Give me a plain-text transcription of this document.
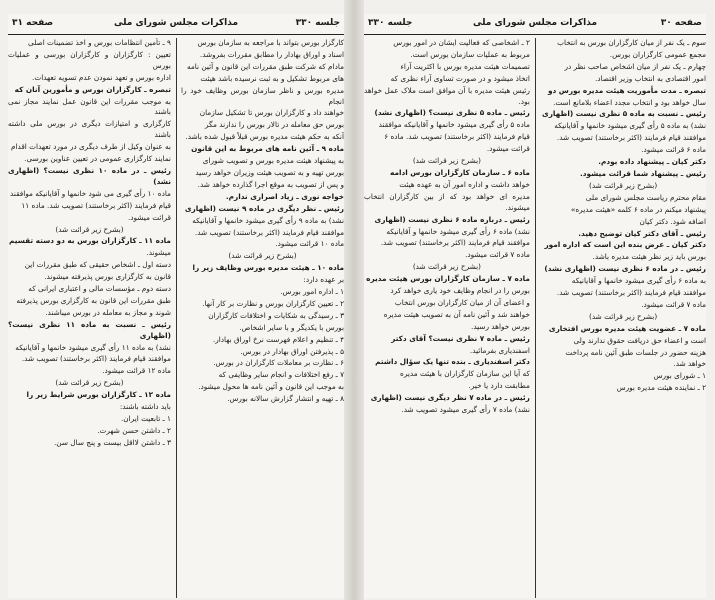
جلسه ۳۳۰
مذاکرات مجلس شورای ملی
صفحه ۳۱

کارگزار بورس بتواند با مراجعه به سازمان بورس

اسناد و اوراق بهادار را مطابق مقررات بفروشد.

مادام که شرکت طبق مقررات این قانون و آئین نامه

های مربوط تشکیل و به ثبت نرسیده باشد هیئت

مدیره بورس و ناظر سازمان بورس وظایف خود را انجام

خواهند داد و کارگزاران بورس تا تشکیل سازمان

بورس حق معامله در تالار بورس را ندارند مگر

آنکه به حکم هیئت مدیره بورس قبلاً قبول شده باشد.

ماده ۹ ـ آئین نامه های مربوط به این قانون

به پیشنهاد هیئت مدیره بورس و تصویب شورای

بورس تهیه و به تصویب هیئت وزیران خواهد رسید

و پس از تصویب به موقع اجرا گذارده خواهد شد.

خواجه نوری ـ زیاد اصراری ندارم.

رئیس ـ نظر دیگری در ماده ۹ نیست (اظهاری

نشد) به ماده ۹ رأی گیری میشود خانمها و آقایانیکه

موافقند قیام فرمایند (اکثر برخاستند) تصویب شد.

ماده ۱۰ قرائت میشود.

(بشرح زیر قرائت شد)

ماده ۱۰ ـ هیئت مدیره بورس وظایف زیر را

بر عهده دارد:

۱ ـ اداره امور بورس.

۲ ـ تعیین کارگزاران بورس و نظارت بر کار آنها.

۳ ـ رسیدگی به شکایات و اختلافات کارگزاران

بورس با یکدیگر و با سایر اشخاص.

۴ ـ تنظیم و اعلام فهرست نرخ اوراق بهادار.

۵ ـ پذیرفتن اوراق بهادار در بورس.

۶ ـ نظارت بر معاملات کارگزاران در بورس.

۷ ـ رفع اختلافات و انجام سایر وظایفی که

به موجب این قانون و آئین نامه ها محول میشود.

۸ ـ تهیه و انتشار گزارش سالانه بورس.

۹ ـ تأمین انتظامات بورس و اخذ تضمینات اصلی

تعیین : کارگزاران و کارگزاران بورسی و عملیات بورس

اداره بورس و تعهد نمودن عدم تسویه تعهدات.

تبصره ـ کارگزاران بورس و مأمورین آنان که

به موجب مقررات این قانون عمل نمایند مجاز نمی باشند

کارگزاری و امتیازات دیگری در بورس ملی داشته باشند

به عنوان وکیل از طرف دیگری در مورد تعهدات اقدام

نمایند کارگزاری عمومی در تعیین عناوین بورسی.

رئیس ـ در ماده ۱۰ نظری نیست؟ (اظهاری نشد)

ماده ۱۰ رأی گیری می شود خانمها و آقایانیکه موافقند

قیام فرمایند (اکثر برخاستند) تصویب شد. ماده ۱۱

قرائت میشود.

(بشرح زیر قرائت شد)

ماده ۱۱ ـ کارگزاران بورس به دو دسته تقسیم

میشوند.

دسته اول ـ اشخاص حقیقی که طبق مقررات این

قانون به کارگزاری بورس پذیرفته میشوند.

دسته دوم ـ مؤسسات مالی و اعتباری ایرانی که

طبق مقررات این قانون به کارگزاری بورس پذیرفته

شوند و مجاز به معامله در بورس میباشند.

رئیس ـ نسبت به ماده ۱۱ نظری نیست؟ (اظهاری

نشد) به ماده ۱۱ رأی گیری میشود خانمها و آقایانیکه

موافقند قیام فرمایند (اکثر برخاستند) تصویب شد.

ماده ۱۲ قرائت میشود.

(بشرح زیر قرائت شد)

ماده ۱۲ ـ کارگزاران بورس شرایط زیر را

باید داشته باشند:

۱ ـ تابعیت ایران.

۲ ـ داشتن حسن شهرت.

۳ ـ داشتن لااقل بیست و پنج سال سن.

صفحه ۳۰
مذاکرات مجلس شورای ملی
جلسه ۳۳۰

سوم ـ یک نفر از میان کارگزاران بورس به انتخاب

مجمع عمومی کارگزاران بورس.

چهارم ـ یک نفر از میان اشخاص صاحب نظر در

امور اقتصادی به انتخاب وزیر اقتصاد.

تبصره ـ مدت مأموریت هیئت مدیره بورس دو

سال خواهد بود و انتخاب مجدد اعضاء بلامانع است.

رئیس ـ نسبت به ماده ۵ نظری نیست (اظهاری

نشد) به ماده ۵ رأی گیری میشود خانمها و آقایانیکه

موافقند قیام فرمایند (اکثر برخاستند) تصویب شد.

ماده ۶ قرائت میشود.

دکتر کیان ـ پیشنهاد داده بودم.

رئیس ـ پیشنهاد شما قرائت میشود.

(بشرح زیر قرائت شد)

مقام محترم ریاست مجلس شورای ملی

پیشنهاد میکنم در ماده ۶ کلمه «هیئت مدیره»

اضافه شود. دکتر کیان

رئیس ـ آقای دکتر کیان توضیح دهید.

دکتر کیان ـ عرض بنده این است که اداره امور

بورس باید زیر نظر هیئت مدیره باشد.

رئیس ـ در ماده ۶ نظری نیست (اظهاری نشد)

به ماده ۶ رأی گیری میشود خانمها و آقایانیکه

موافقند قیام فرمایند (اکثر برخاستند) تصویب شد.

ماده ۷ قرائت میشود.

(بشرح زیر قرائت شد)

ماده ۷ ـ عضویت هیئت مدیره بورس افتخاری

است و اعضاء حق دریافت حقوق ندارند ولی

هزینه حضور در جلسات طبق آئین نامه پرداخت

خواهد شد.

۱ ـ شورای بورس

۲ ـ نماینده هیئت مدیره بورس

۲ ـ اشخاصی که فعالیت ایشان در امور بورس

مربوط به عملیات سازمان بورس است.

تصمیمات هیئت مدیره بورس با اکثریت آراء

اتخاذ میشود و در صورت تساوی آراء نظری که

رئیس هیئت مدیره با آن موافق است ملاک عمل خواهد بود.

رئیس ـ ماده ۵ نظری نیست؟ (اظهاری نشد)

ماده ۵ رأی گیری میشود خانمها و آقایانیکه موافقند

قیام فرمایند (اکثر برخاستند) تصویب شد. ماده ۶

قرائت میشود.

(بشرح زیر قرائت شد)

ماده ۶ ـ سازمان کارگزاران بورس ادامه

خواهد داشت و اداره امور آن به عهده هیئت

مدیره ای خواهد بود که از بین کارگزاران انتخاب میشوند.

رئیس ـ درباره ماده ۶ نظری نیست (اظهاری

نشد) ماده ۶ رأی گیری میشود خانمها و آقایانیکه

موافقند قیام فرمایند (اکثر برخاستند) تصویب شد.

ماده ۷ قرائت میشود.

(بشرح زیر قرائت شد)

ماده ۷ ـ سازمان کارگزاران بورس هیئت مدیره

بورس را در انجام وظایف خود یاری خواهد کرد

و اعضای آن از میان کارگزاران بورس انتخاب

خواهند شد و آئین نامه آن به تصویب هیئت مدیره

بورس خواهد رسید.

رئیس ـ ماده ۷ نظری نیست؟ آقای دکتر

اسفندیاری بفرمائید.

دکتر اسفندیاری ـ بنده تنها یک سؤال داشتم

که آیا این سازمان کارگزاران با هیئت مدیره

مطابقت دارد یا خیر.

رئیس ـ در ماده ۷ نظر دیگری نیست (اظهاری

نشد) ماده ۷ رأی گیری میشود تصویب شد.
